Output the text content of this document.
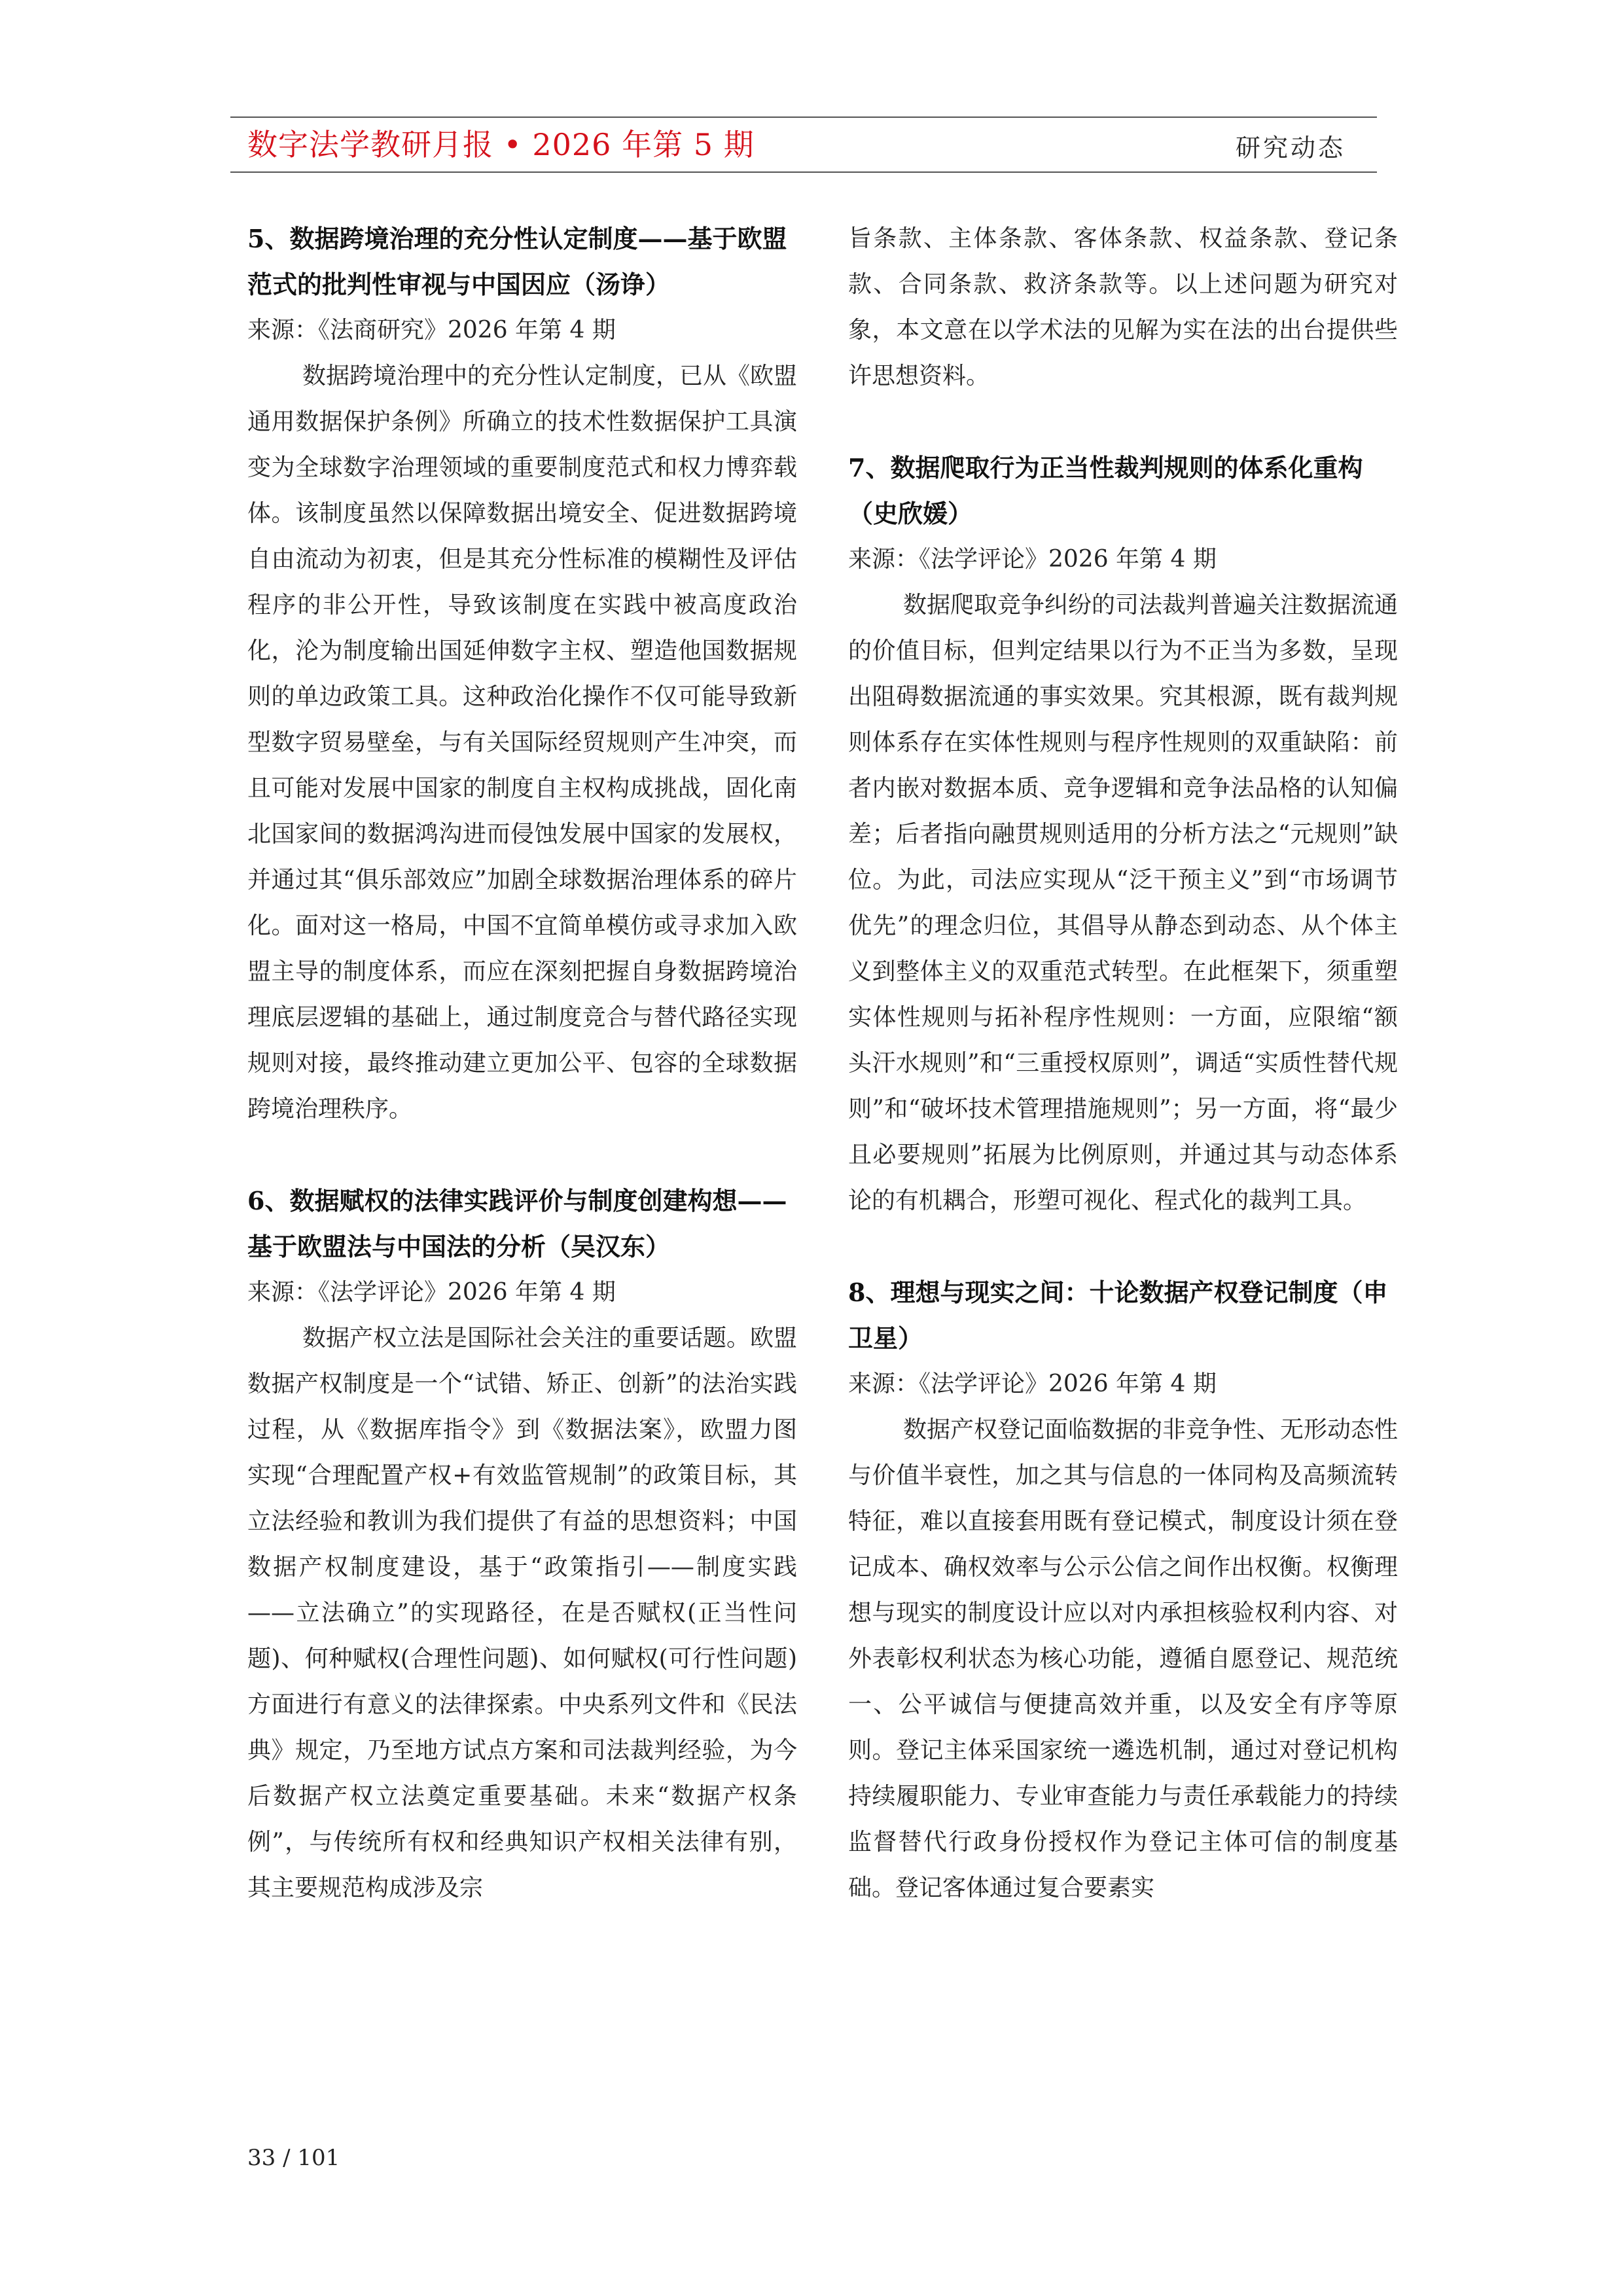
数字法学教研月报 • 2026 年第 5 期	研究动态
5、数据跨境治理的充分性认定制度——基于欧盟范式的批判性审视与中国因应（汤诤）

来源：《法商研究》2026 年第 4 期

数据跨境治理中的充分性认定制度，已从《欧盟通用数据保护条例》所确立的技术性数据保护工具演变为全球数字治理领域的重要制度范式和权力博弈载体。该制度虽然以保障数据出境安全、促进数据跨境自由流动为初衷，但是其充分性标准的模糊性及评估程序的非公开性，导致该制度在实践中被高度政治化，沦为制度输出国延伸数字主权、塑造他国数据规则的单边政策工具。这种政治化操作不仅可能导致新型数字贸易壁垒，与有关国际经贸规则产生冲突，而且可能对发展中国家的制度自主权构成挑战，固化南北国家间的数据鸿沟进而侵蚀发展中国家的发展权，并通过其“俱乐部效应”加剧全球数据治理体系的碎片化。面对这一格局，中国不宜简单模仿或寻求加入欧盟主导的制度体系，而应在深刻把握自身数据跨境治理底层逻辑的基础上，通过制度竞合与替代路径实现规则对接，最终推动建立更加公平、包容的全球数据跨境治理秩序。

6、数据赋权的法律实践评价与制度创建构想——基于欧盟法与中国法的分析（吴汉东）

来源：《法学评论》2026 年第 4 期

数据产权立法是国际社会关注的重要话题。欧盟数据产权制度是一个“试错、矫正、创新”的法治实践过程，从《数据库指令》到《数据法案》，欧盟力图实现“合理配置产权+有效监管规制”的政策目标，其立法经验和教训为我们提供了有益的思想资料；中国数据产权制度建设，基于“政策指引——制度实践——立法确立”的实现路径，在是否赋权(正当性问题)、何种赋权(合理性问题)、如何赋权(可行性问题)方面进行有意义的法律探索。中央系列文件和《民法典》规定，乃至地方试点方案和司法裁判经验，为今后数据产权立法奠定重要基础。未来“数据产权条例”，与传统所有权和经典知识产权相关法律有别，其主要规范构成涉及宗

旨条款、主体条款、客体条款、权益条款、登记条款、合同条款、救济条款等。以上述问题为研究对象，本文意在以学术法的见解为实在法的出台提供些许思想资料。

7、数据爬取行为正当性裁判规则的体系化重构（史欣媛）

来源：《法学评论》2026 年第 4 期

数据爬取竞争纠纷的司法裁判普遍关注数据流通的价值目标，但判定结果以行为不正当为多数，呈现出阻碍数据流通的事实效果。究其根源，既有裁判规则体系存在实体性规则与程序性规则的双重缺陷：前者内嵌对数据本质、竞争逻辑和竞争法品格的认知偏差；后者指向融贯规则适用的分析方法之“元规则”缺位。为此，司法应实现从“泛干预主义”到“市场调节优先”的理念归位，其倡导从静态到动态、从个体主义到整体主义的双重范式转型。在此框架下，须重塑实体性规则与拓补程序性规则：一方面，应限缩“额头汗水规则”和“三重授权原则”，调适“实质性替代规则”和“破坏技术管理措施规则”；另一方面，将“最少且必要规则”拓展为比例原则，并通过其与动态体系论的有机耦合，形塑可视化、程式化的裁判工具。

8、理想与现实之间：十论数据产权登记制度（申卫星）

来源：《法学评论》2026 年第 4 期

数据产权登记面临数据的非竞争性、无形动态性与价值半衰性，加之其与信息的一体同构及高频流转特征，难以直接套用既有登记模式，制度设计须在登记成本、确权效率与公示公信之间作出权衡。权衡理想与现实的制度设计应以对内承担核验权利内容、对外表彰权利状态为核心功能，遵循自愿登记、规范统一、公平诚信与便捷高效并重，以及安全有序等原则。登记主体采国家统一遴选机制，通过对登记机构持续履职能力、专业审查能力与责任承载能力的持续监督替代行政身份授权作为登记主体可信的制度基础。登记客体通过复合要素实

33 / 101
